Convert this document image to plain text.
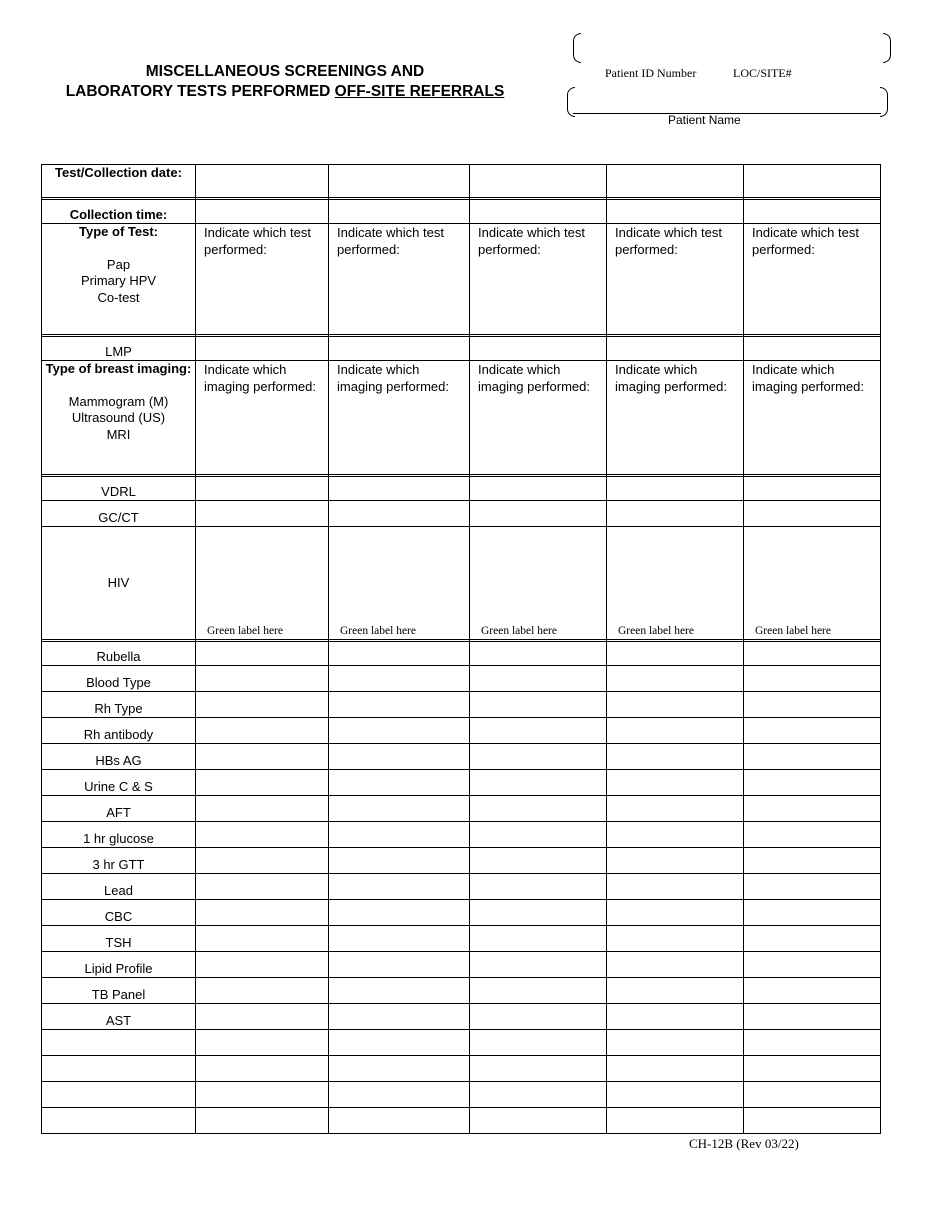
MISCELLANEOUS SCREENINGS AND
LABORATORY TESTS PERFORMED OFF-SITE REFERRALS
Patient ID Number	LOC/SITE#
Patient Name
Test/Collection date:					

Collection time:					

Type of Test:
Pap
Primary HPV
Co-test	Indicate which test performed:	Indicate which test performed:	Indicate which test performed:	Indicate which test performed:	Indicate which test performed:

LMP					

Type of breast imaging:
Mammogram (M)
Ultrasound (US)
MRI	Indicate which imaging performed:	Indicate which imaging performed:	Indicate which imaging performed:	Indicate which imaging performed:	Indicate which imaging performed:

VDRL					

GC/CT					

HIV	Green label here	Green label here	Green label here	Green label here	Green label here

Rubella					

Blood Type					

Rh Type					

Rh antibody					

HBs AG					

Urine C & S					

AFT					

1 hr glucose					

3 hr GTT					

Lead					

CBC					

TSH					

Lipid Profile					

TB Panel					

AST					

CH-12B (Rev 03/22)
